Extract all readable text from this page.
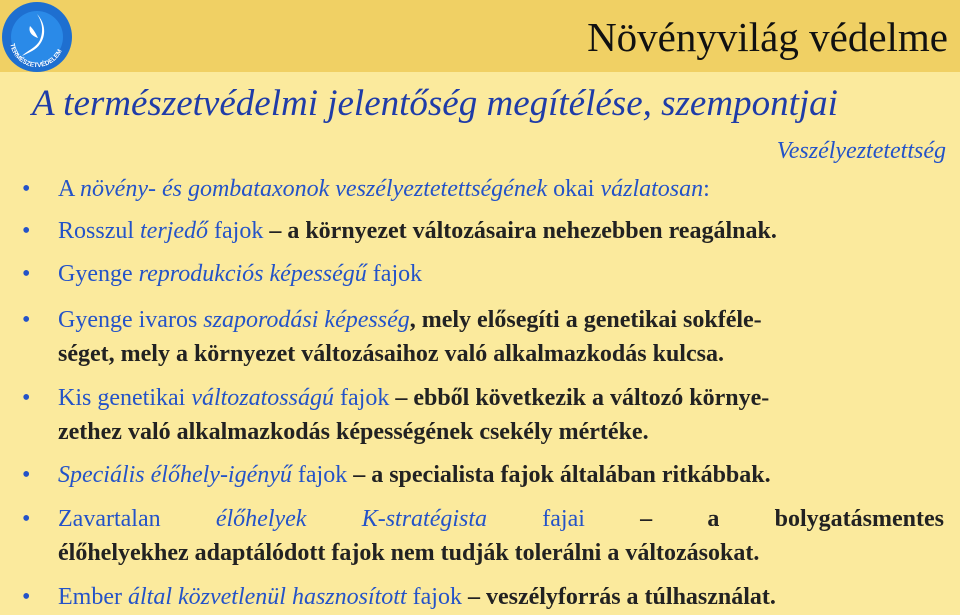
TERMÉSZETVÉDELEM	Növényvilág védelme
A természetvédelmi jelentőség megítélése, szempontjai
Veszélyeztetettség
• A növény- és gombataxonok veszélyeztetettségének okai vázlatosan:
• Rosszul terjedő fajok – a környezet változásaira nehezebben reagálnak.
• Gyenge reprodukciós képességű fajok
• Gyenge ivaros szaporodási képesség, mely elősegíti a genetikai sokféle-
séget, mely a környezet változásaihoz való alkalmazkodás kulcsa.
• Kis genetikai változatosságú fajok – ebből következik a változó környe-
zethez való alkalmazkodás képességének csekély mértéke.
• Speciális élőhely-igényű fajok – a specialista fajok általában ritkábbak.
• Zavartalan élőhelyek K-stratégista fajai – a bolygatásmentes
élőhelyekhez adaptálódott fajok nem tudják tolerálni a változásokat.
• Ember által közvetlenül hasznosított fajok – veszélyforrás a túlhasználat.
